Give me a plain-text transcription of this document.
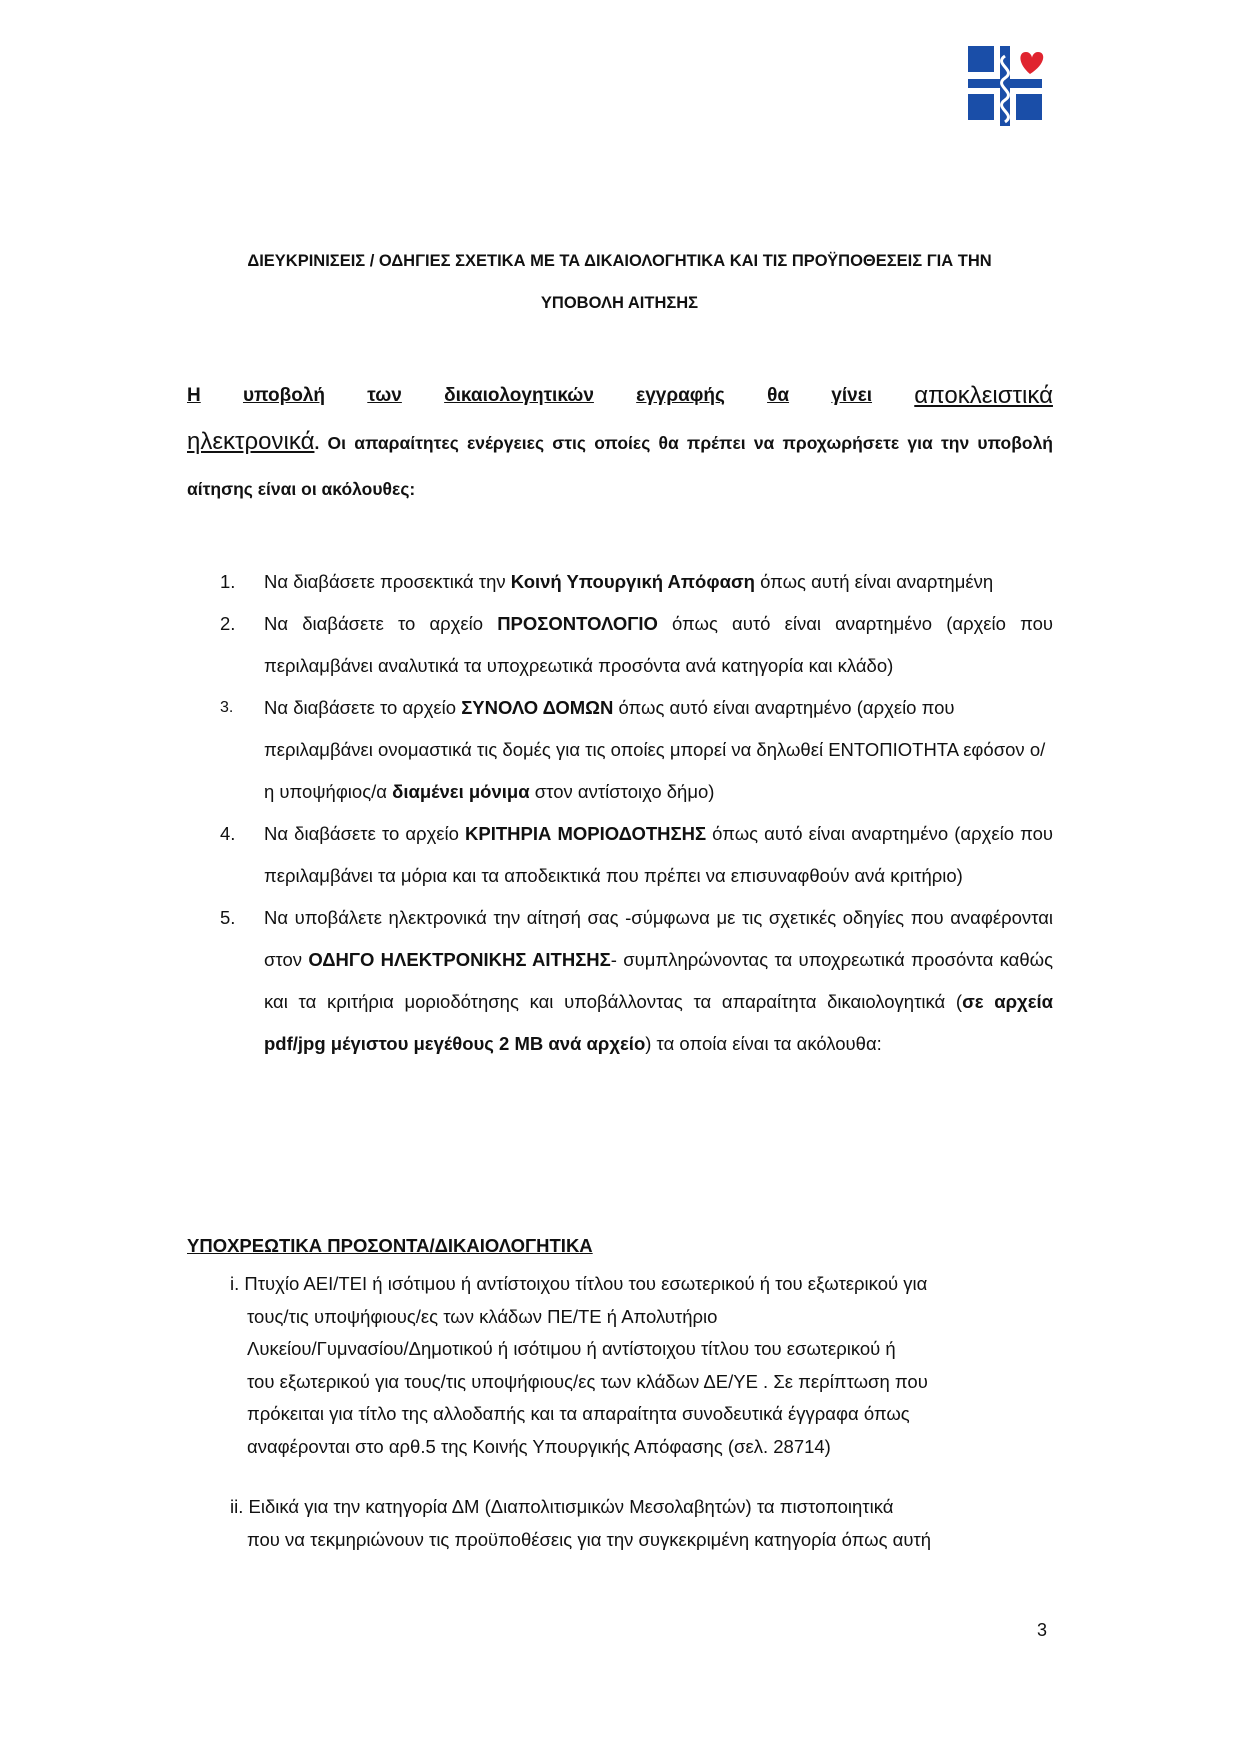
ΔΙΕΥΚΡΙΝΙΣΕΙΣ / ΟΔΗΓΙΕΣ ΣΧΕΤΙΚΑ ΜΕ ΤΑ ΔΙΚΑΙΟΛΟΓΗΤΙΚΑ ΚΑΙ ΤΙΣ ΠΡΟΫΠΟΘΕΣΕΙΣ ΓΙΑ ΤΗΝ
ΥΠΟΒΟΛΗ ΑΙΤΗΣΗΣ
Η υποβολή των δικαιολογητικών εγγραφής θα γίνει αποκλειστικά
ηλεκτρονικά. Οι απαραίτητες ενέργειες στις οποίες θα πρέπει να προχωρήσετε για την υποβολή αίτησης είναι οι ακόλουθες:
1.	Να διαβάσετε προσεκτικά την Κοινή Υπουργική Απόφαση όπως αυτή είναι αναρτημένη
2.	Να διαβάσετε το αρχείο ΠΡΟΣΟΝΤΟΛΟΓΙΟ όπως αυτό είναι αναρτημένο (αρχείο που περιλαμβάνει αναλυτικά τα υποχρεωτικά προσόντα ανά κατηγορία και κλάδο)
3.	Να διαβάσετε το αρχείο ΣΥΝΟΛΟ ΔΟΜΩΝ όπως αυτό είναι αναρτημένο (αρχείο που περιλαμβάνει ονομαστικά τις δομές για τις οποίες μπορεί να δηλωθεί ΕΝΤΟΠΙΟΤΗΤΑ εφόσον ο/η υποψήφιος/α διαμένει μόνιμα στον αντίστοιχο δήμο)
4.	Να διαβάσετε το αρχείο ΚΡΙΤΗΡΙΑ ΜΟΡΙΟΔΟΤΗΣΗΣ όπως αυτό είναι αναρτημένο (αρχείο που περιλαμβάνει τα μόρια και τα αποδεικτικά που πρέπει να επισυναφθούν ανά κριτήριο)
5.	Να υποβάλετε ηλεκτρονικά την αίτησή σας -σύμφωνα με τις σχετικές οδηγίες που αναφέρονται στον ΟΔΗΓΟ ΗΛΕΚΤΡΟΝΙΚΗΣ ΑΙΤΗΣΗΣ- συμπληρώνοντας τα υποχρεωτικά προσόντα καθώς και τα κριτήρια μοριοδότησης και υποβάλλοντας τα απαραίτητα δικαιολογητικά (σε αρχεία pdf/jpg μέγιστου μεγέθους 2 MB ανά αρχείο) τα οποία είναι τα ακόλουθα:
ΥΠΟΧΡΕΩΤΙΚΑ ΠΡΟΣΟΝΤΑ/ΔΙΚΑΙΟΛΟΓΗΤΙΚΑ
i. Πτυχίο ΑΕΙ/ΤΕΙ ή ισότιμου ή αντίστοιχου τίτλου του εσωτερικού ή του εξωτερικού για
τους/τις υποψήφιους/ες των κλάδων ΠΕ/ΤΕ ή Απολυτήριο
Λυκείου/Γυμνασίου/Δημοτικού ή ισότιμου ή αντίστοιχου τίτλου του εσωτερικού ή
του εξωτερικού για τους/τις υποψήφιους/ες των κλάδων ΔΕ/ΥΕ . Σε περίπτωση που
πρόκειται για τίτλο της αλλοδαπής και τα απαραίτητα συνοδευτικά έγγραφα όπως
αναφέρονται στο αρθ.5 της Κοινής Υπουργικής Απόφασης (σελ. 28714)
ii. Ειδικά για την κατηγορία ΔΜ (Διαπολιτισμικών Μεσολαβητών) τα πιστοποιητικά
που να τεκμηριώνουν τις προϋποθέσεις για την συγκεκριμένη κατηγορία όπως αυτή
3
